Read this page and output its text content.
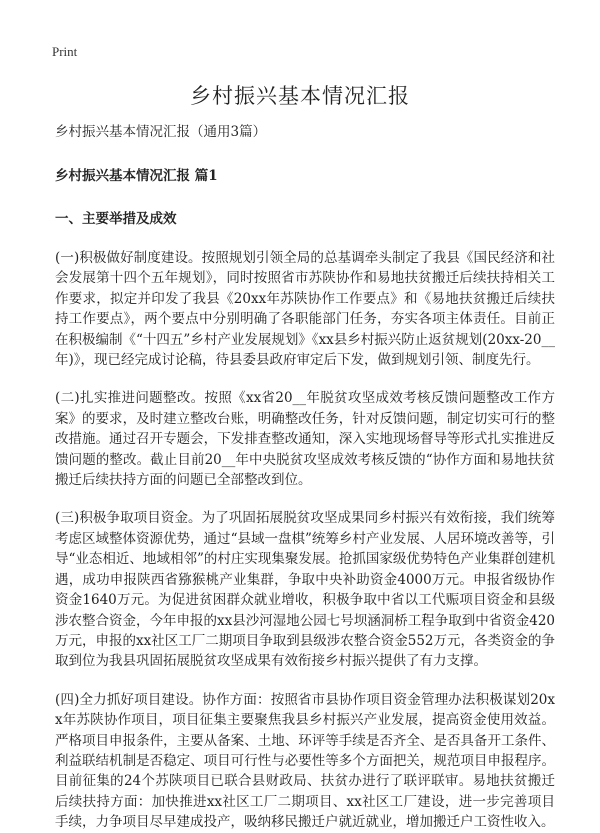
Print
乡村振兴基本情况汇报

乡村振兴基本情况汇报（通用3篇）

乡村振兴基本情况汇报 篇1

一、主要举措及成效

(一)积极做好制度建设。按照规划引领全局的总基调牵头制定了我县《国民经济和社会发展第十四个五年规划》，同时按照省市苏陕协作和易地扶贫搬迁后续扶持相关工作要求，拟定并印发了我县《20xx年苏陕协作工作要点》和《易地扶贫搬迁后续扶持工作要点》，两个要点中分别明确了各职能部门任务，夯实各项主体责任。目前正在积极编制《“十四五”乡村产业发展规划》《xx县乡村振兴防止返贫规划(20xx-20__年)》，现已经完成讨论稿，待县委县政府审定后下发，做到规划引领、制度先行。

(二)扎实推进问题整改。按照《xx省20__年脱贫攻坚成效考核反馈问题整改工作方案》的要求，及时建立整改台账，明确整改任务，针对反馈问题，制定切实可行的整改措施。通过召开专题会，下发排查整改通知，深入实地现场督导等形式扎实推进反馈问题的整改。截止目前20__年中央脱贫攻坚成效考核反馈的“协作方面和易地扶贫搬迁后续扶持方面的问题已全部整改到位。

(三)积极争取项目资金。为了巩固拓展脱贫攻坚成果同乡村振兴有效衔接，我们统筹考虑区域整体资源优势，通过“县域一盘棋”统筹乡村产业发展、人居环境改善等，引导“业态相近、地域相邻”的村庄实现集聚发展。抢抓国家级优势特色产业集群创建机遇，成功申报陕西省猕猴桃产业集群，争取中央补助资金4000万元。申报省级协作资金1640万元。为促进贫困群众就业增收，积极争取中省以工代赈项目资金和县级涉农整合资金，今年申报的xx县沙河湿地公园七号坝涵洞桥工程争取到中省资金420万元，申报的xx社区工厂二期项目争取到县级涉农整合资金552万元，各类资金的争取到位为我县巩固拓展脱贫攻坚成果有效衔接乡村振兴提供了有力支撑。

(四)全力抓好项目建设。协作方面：按照省市县协作项目资金管理办法积极谋划20xx年苏陕协作项目，项目征集主要聚焦我县乡村振兴产业发展，提高资金使用效益。严格项目申报条件，主要从备案、土地、环评等手续是否齐全、是否具备开工条件、利益联结机制是否稳定、项目可行性与必要性等多个方面把关，规范项目申报程序。目前征集的24个苏陕项目已联合县财政局、扶贫办进行了联评联审。易地扶贫搬迁后续扶持方面：加快推进xx社区工厂二期项目、xx社区工厂建设，进一步完善项目手续，力争项目尽早建成投产，吸纳移民搬迁户就近就业，增加搬迁户工资性收入。
